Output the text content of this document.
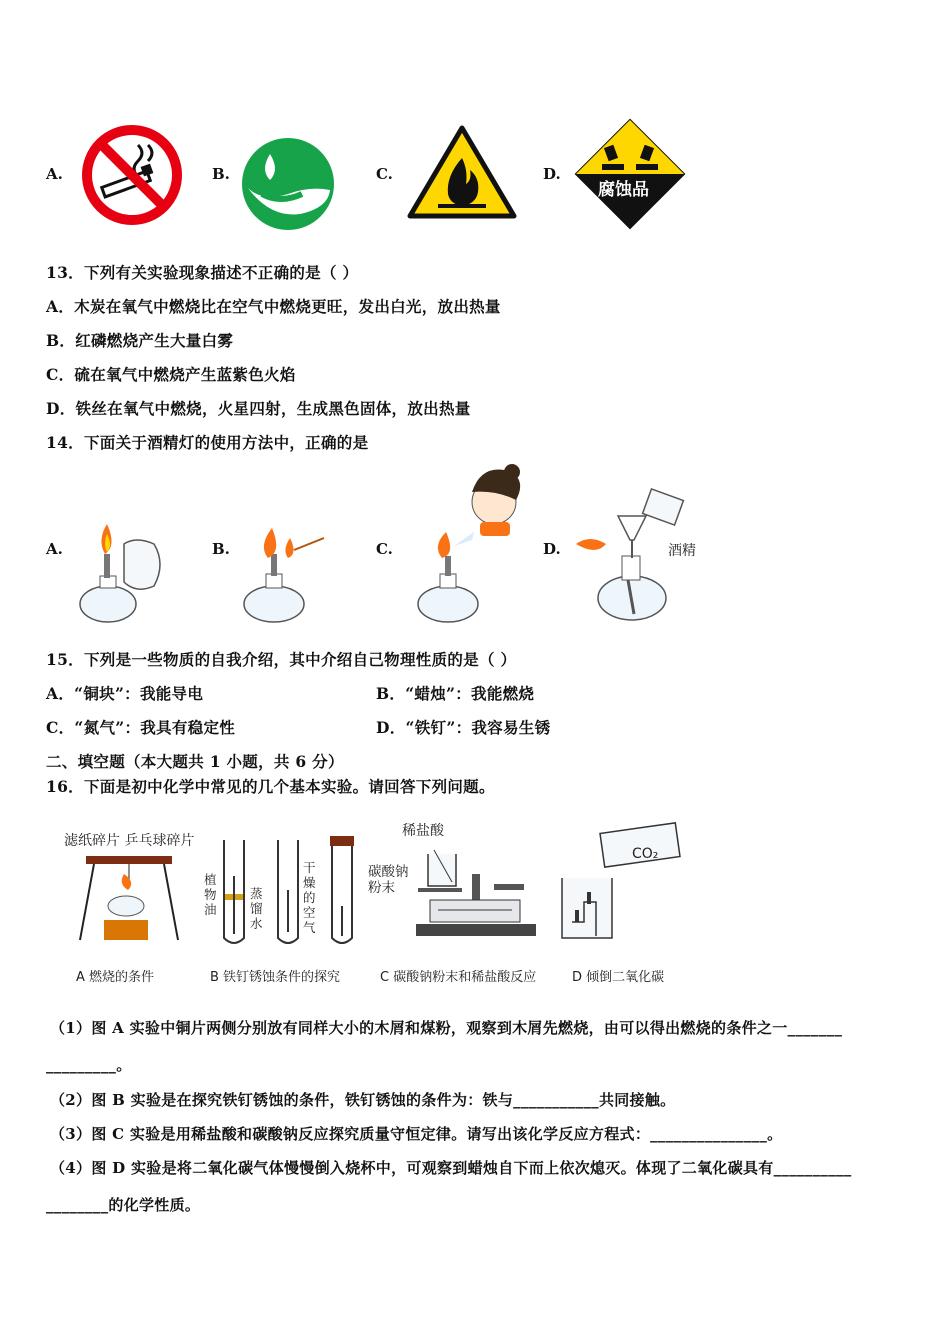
A.	B.	C.	D.
腐蚀品
13．下列有关实验现象描述不正确的是（ ）
A．木炭在氧气中燃烧比在空气中燃烧更旺，发出白光，放出热量
B．红磷燃烧产生大量白雾
C．硫在氧气中燃烧产生蓝紫色火焰
D．铁丝在氧气中燃烧，火星四射，生成黑色固体，放出热量
14．下面关于酒精灯的使用方法中，正确的是
A.	B.	C.	D.	酒精
15．下列是一些物质的自我介绍，其中介绍自己物理性质的是（ ）
A．“铜块”：我能导电	B．“蜡烛”：我能燃烧
C．“氮气”：我具有稳定性	D．“铁钉”：我容易生锈
二、填空题（本大题共 1 小题，共 6 分）
16．下面是初中化学中常见的几个基本实验。请回答下列问题。
滤纸碎片 乒乓球碎片
植物油
蒸馏水
干燥的空气
稀盐酸
碳酸钠粉末
CO₂
A 燃烧的条件	B 铁钉锈蚀条件的探究	C 碳酸钠粉末和稀盐酸反应	D 倾倒二氧化碳
（1）图 A 实验中铜片两侧分别放有同样大小的木屑和煤粉，观察到木屑先燃烧，由可以得出燃烧的条件之一_______
_________。
（2）图 B 实验是在探究铁钉锈蚀的条件，铁钉锈蚀的条件为：铁与___________共同接触。
（3）图 C 实验是用稀盐酸和碳酸钠反应探究质量守恒定律。请写出该化学反应方程式：_______________。
（4）图 D 实验是将二氧化碳气体慢慢倒入烧杯中，可观察到蜡烛自下而上依次熄灭。体现了二氧化碳具有__________
________的化学性质。
